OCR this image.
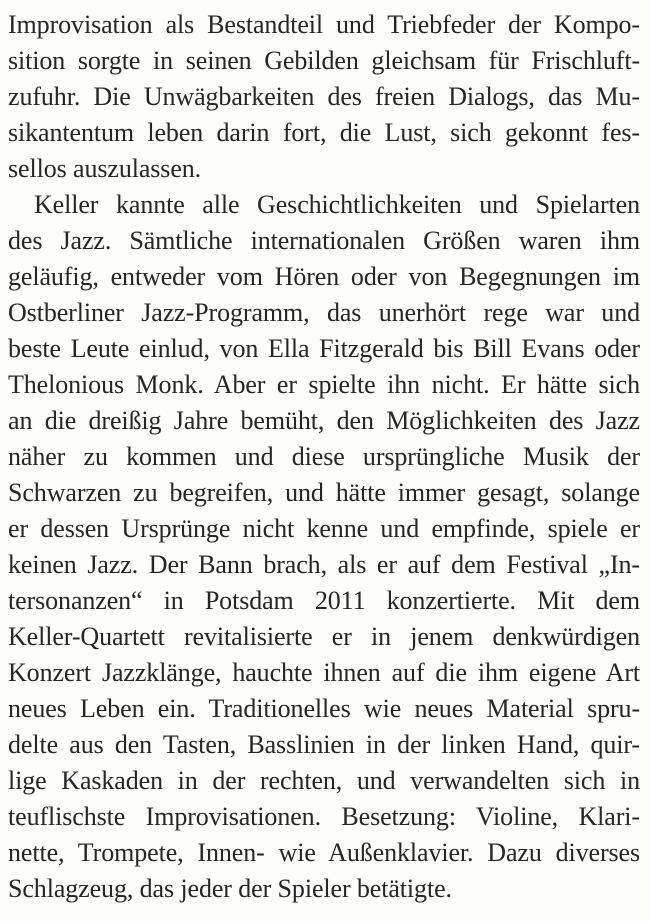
Improvisation als Bestandteil und Triebfeder der Kompo-
sition sorgte in seinen Gebilden gleichsam für Frischluft-
zufuhr. Die Unwägbarkeiten des freien Dialogs, das Mu-
sikantentum leben darin fort, die Lust, sich gekonnt fes-
sellos auszulassen.
Keller kannte alle Geschichtlichkeiten und Spielarten
des Jazz. Sämtliche internationalen Größen waren ihm
geläufig, entweder vom Hören oder von Begegnungen im
Ostberliner Jazz-Programm, das unerhört rege war und
beste Leute einlud, von Ella Fitzgerald bis Bill Evans oder
Thelonious Monk. Aber er spielte ihn nicht. Er hätte sich
an die dreißig Jahre bemüht, den Möglichkeiten des Jazz
näher zu kommen und diese ursprüngliche Musik der
Schwarzen zu begreifen, und hätte immer gesagt, solange
er dessen Ursprünge nicht kenne und empfinde, spiele er
keinen Jazz. Der Bann brach, als er auf dem Festival „In-
tersonanzen“ in Potsdam 2011 konzertierte. Mit dem
Keller-Quartett revitalisierte er in jenem denkwürdigen
Konzert Jazzklänge, hauchte ihnen auf die ihm eigene Art
neues Leben ein. Traditionelles wie neues Material spru-
delte aus den Tasten, Basslinien in der linken Hand, quir-
lige Kaskaden in der rechten, und verwandelten sich in
teuflischste Improvisationen. Besetzung: Violine, Klari-
nette, Trompete, Innen- wie Außenklavier. Dazu diverses
Schlagzeug, das jeder der Spieler betätigte.
